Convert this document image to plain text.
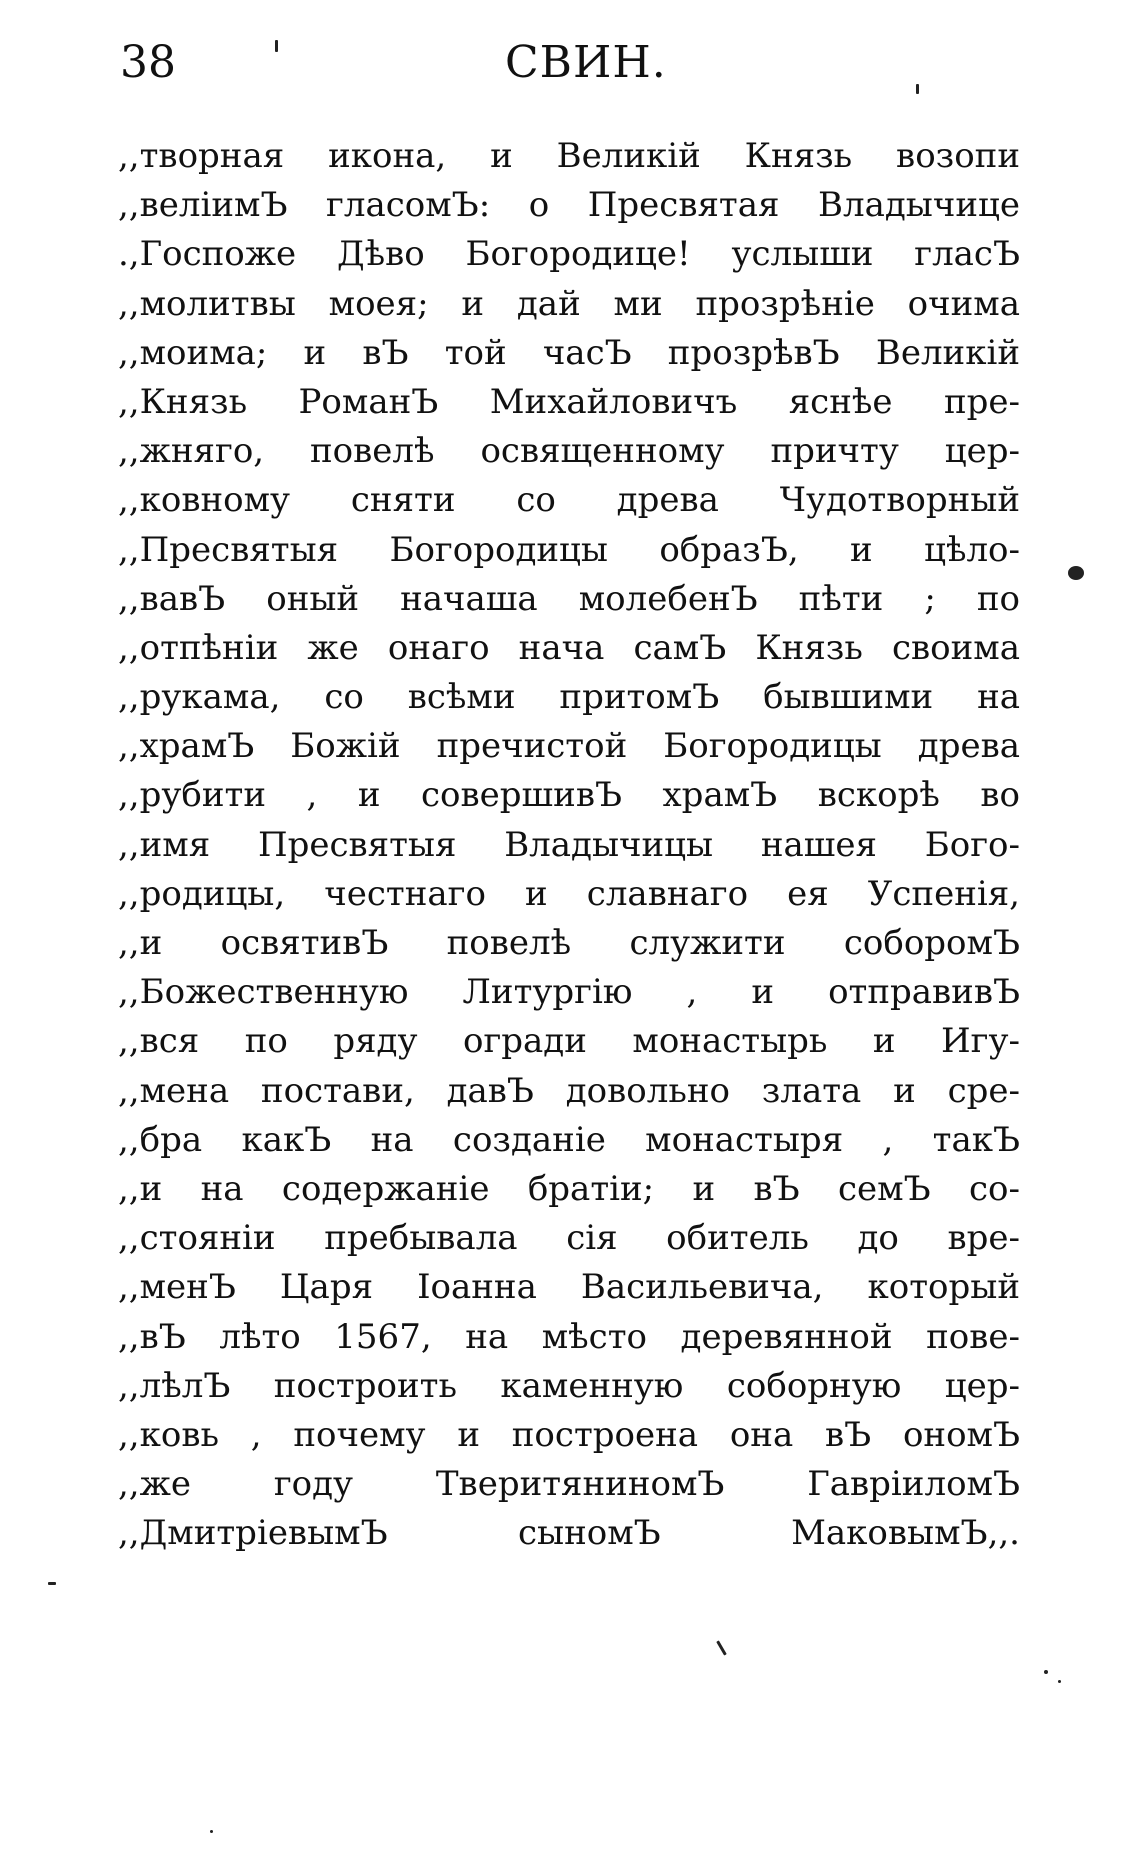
38	СВИН.
,,творная икона, и Великій Князь возопи
,,веліимЪ гласомЪ: о Пресвятая Владычице
.,Госпоже Дѣво Богородице! услыши гласЪ
,,молитвы моея; и дай ми прозрѣніе очима
,,моима; и вЪ той часЪ прозрѣвЪ Великій
,,Князь РоманЪ Михайловичъ яснѣе пре-
,,жняго, повелѣ освященному причту цер-
,,ковному сняти со древа Чудотворный
,,Пресвятыя Богородицы образЪ, и цѣло-
,,вавЪ оный начаша молебенЪ пѣти ; по
,,отпѣніи же онаго нача самЪ Князь своима
,,рукама, со всѣми притомЪ бывшими на
,,храмЪ Божій пречистой Богородицы древа
,,рубити , и совершивЪ храмЪ вскорѣ во
,,имя Пресвятыя Владычицы нашея Бого-
,,родицы, честнаго и славнаго ея Успенія,
,,и освятивЪ повелѣ служити соборомЪ
,,Божественную Литургію , и отправивЪ
,,вся по ряду огради монастырь и Игу-
,,мена постави, давЪ довольно злата и сре-
,,бра какЪ на созданіе монастыря , такЪ
,,и на содержаніе братіи; и вЪ семЪ со-
,,стояніи пребывала сія обитель до вре-
,,менЪ Царя Іоанна Васильевича, который
,,вЪ лѣто 1567, на мѣсто деревянной пове-
,,лѣлЪ построить каменную соборную цер-
,,ковь , почему и построена она вЪ ономЪ
,,же году ТверитяниномЪ ГавріиломЪ
,,ДмитріевымЪ сыномЪ МаковымЪ,,.
